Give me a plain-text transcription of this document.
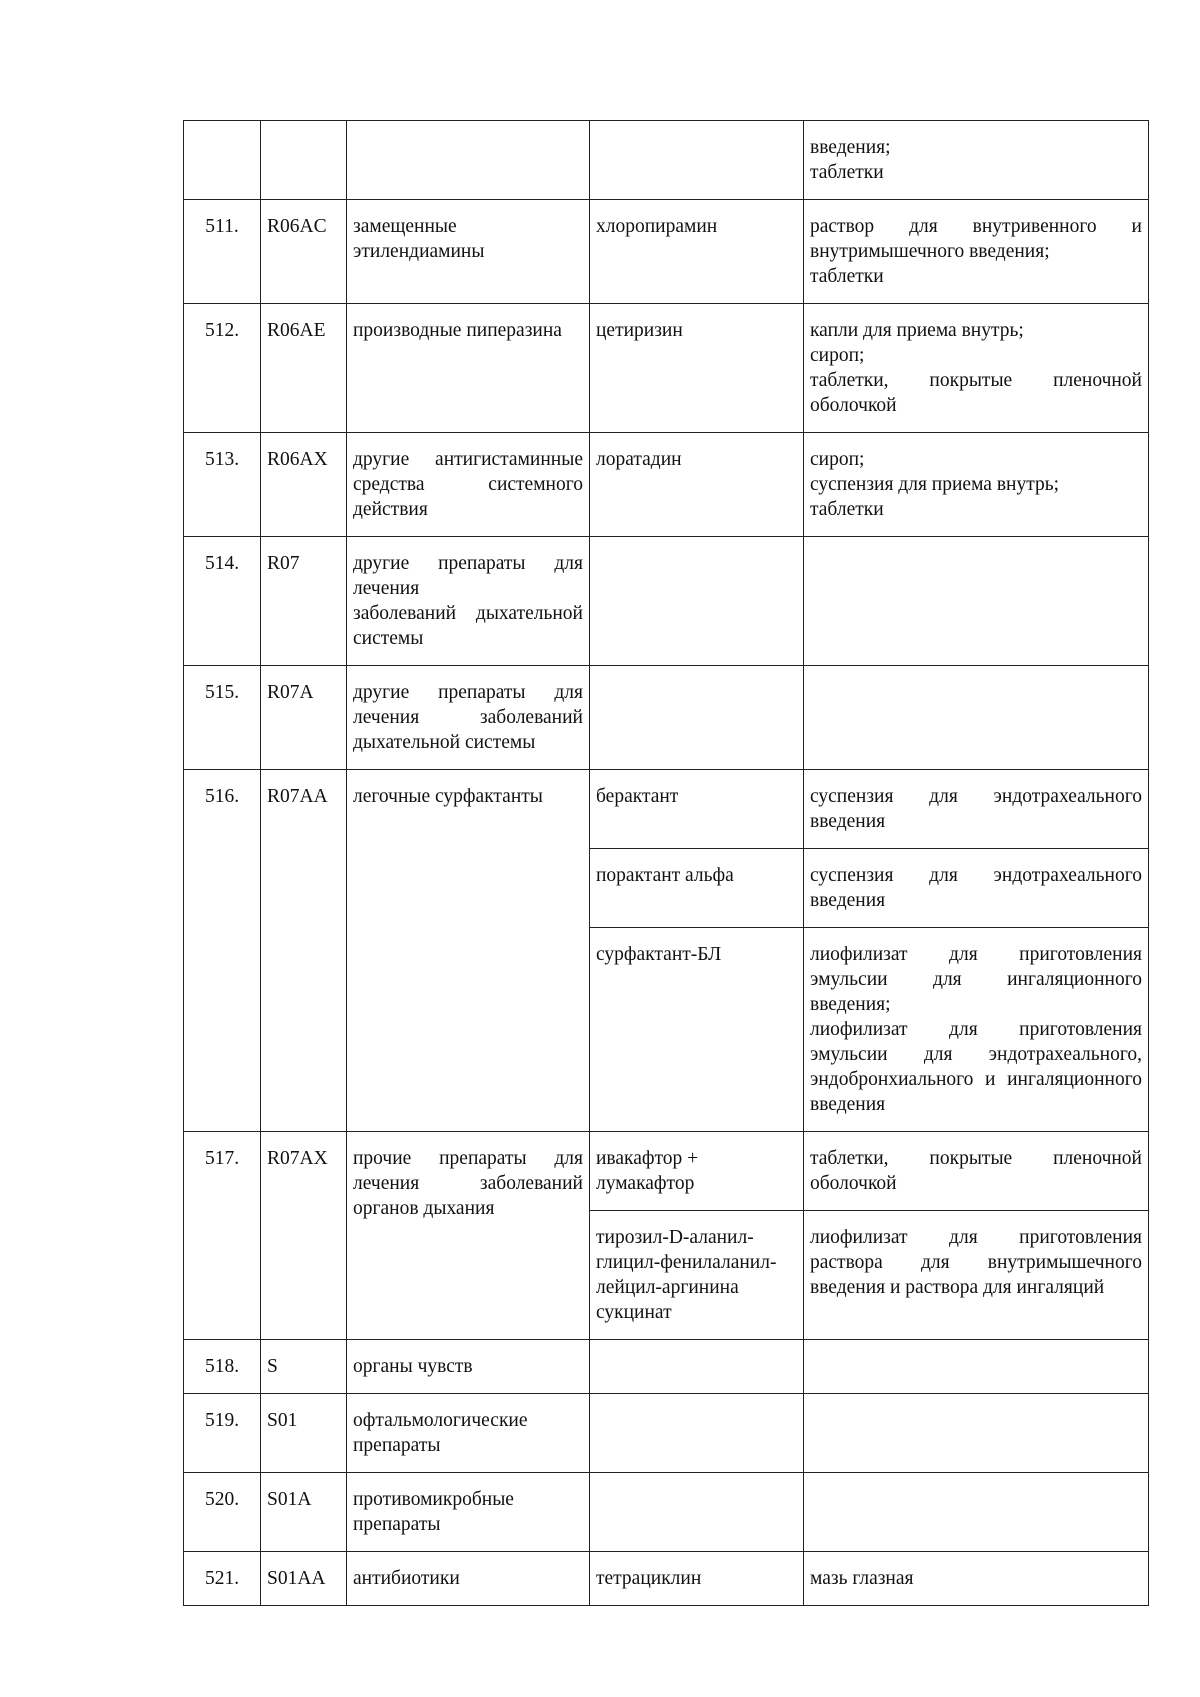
				введения;
таблетки

511.	R06AC	замещенные этилендиамины	хлоропирамин	раствор для внутривенного и внутримышечного введения;
таблетки

512.	R06AE	производные пиперазина	цетиризин	капли для приема внутрь;
сироп;
таблетки, покрытые пленочной оболочкой

513.	R06AX	другие антигистаминные средства системного действия	лоратадин	сироп;
суспензия для приема внутрь;
таблетки

514.	R07	другие препараты для лечения
заболеваний дыхательной системы		

515.	R07A	другие препараты для лечения заболеваний дыхательной системы		

516.	R07AA	легочные сурфактанты	берактант	суспензия для эндотрахеального введения

			порактант альфа	суспензия для эндотрахеального введения

			сурфактант-БЛ	лиофилизат для приготовления эмульсии для ингаляционного введения;
лиофилизат для приготовления эмульсии для эндотрахеального, эндобронхиального и ингаляционного введения

517.	R07AX	прочие препараты для лечения заболеваний органов дыхания	ивакафтор + лумакафтор	таблетки, покрытые пленочной оболочкой

			тирозил-D-аланил-глицил-фенилаланил-лейцил-аргинина сукцинат	лиофилизат для приготовления раствора для внутримышечного введения и раствора для ингаляций

518.	S	органы чувств		

519.	S01	офтальмологические препараты		

520.	S01A	противомикробные препараты		

521.	S01AA	антибиотики	тетрациклин	мазь глазная
